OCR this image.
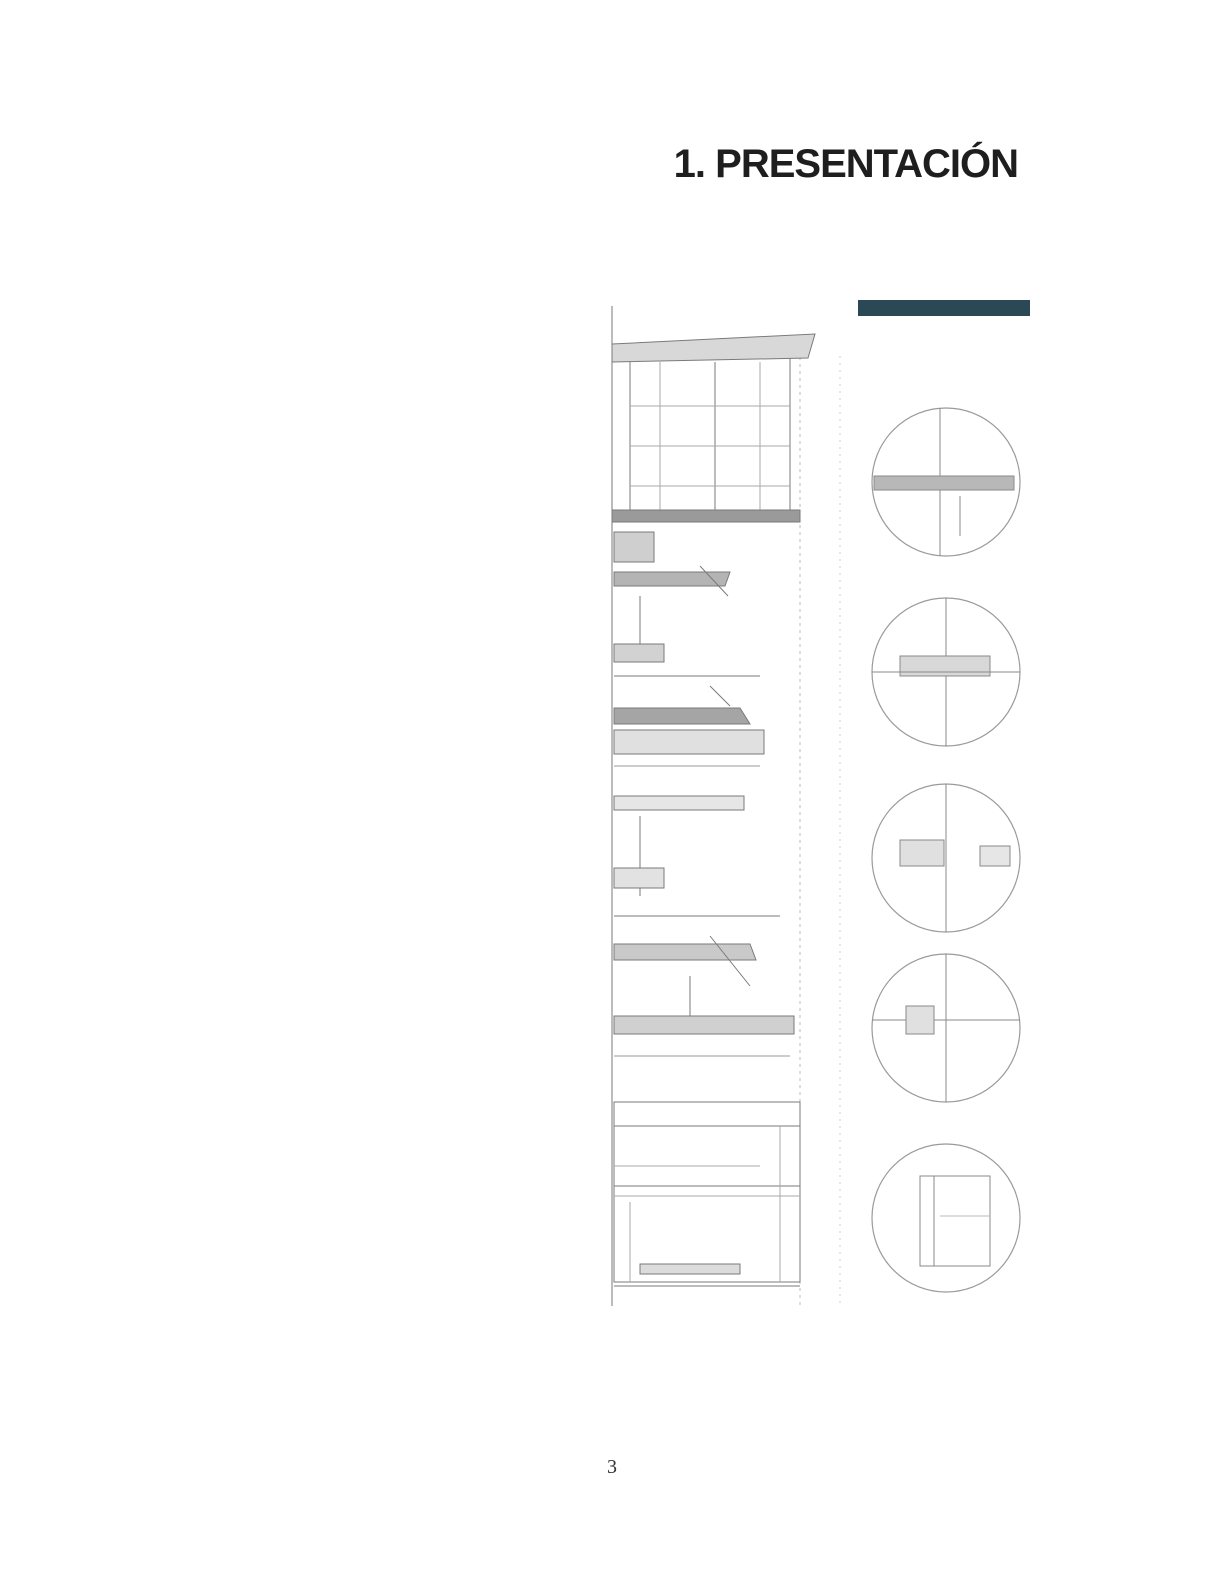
1. PRESENTACIÓN

3
